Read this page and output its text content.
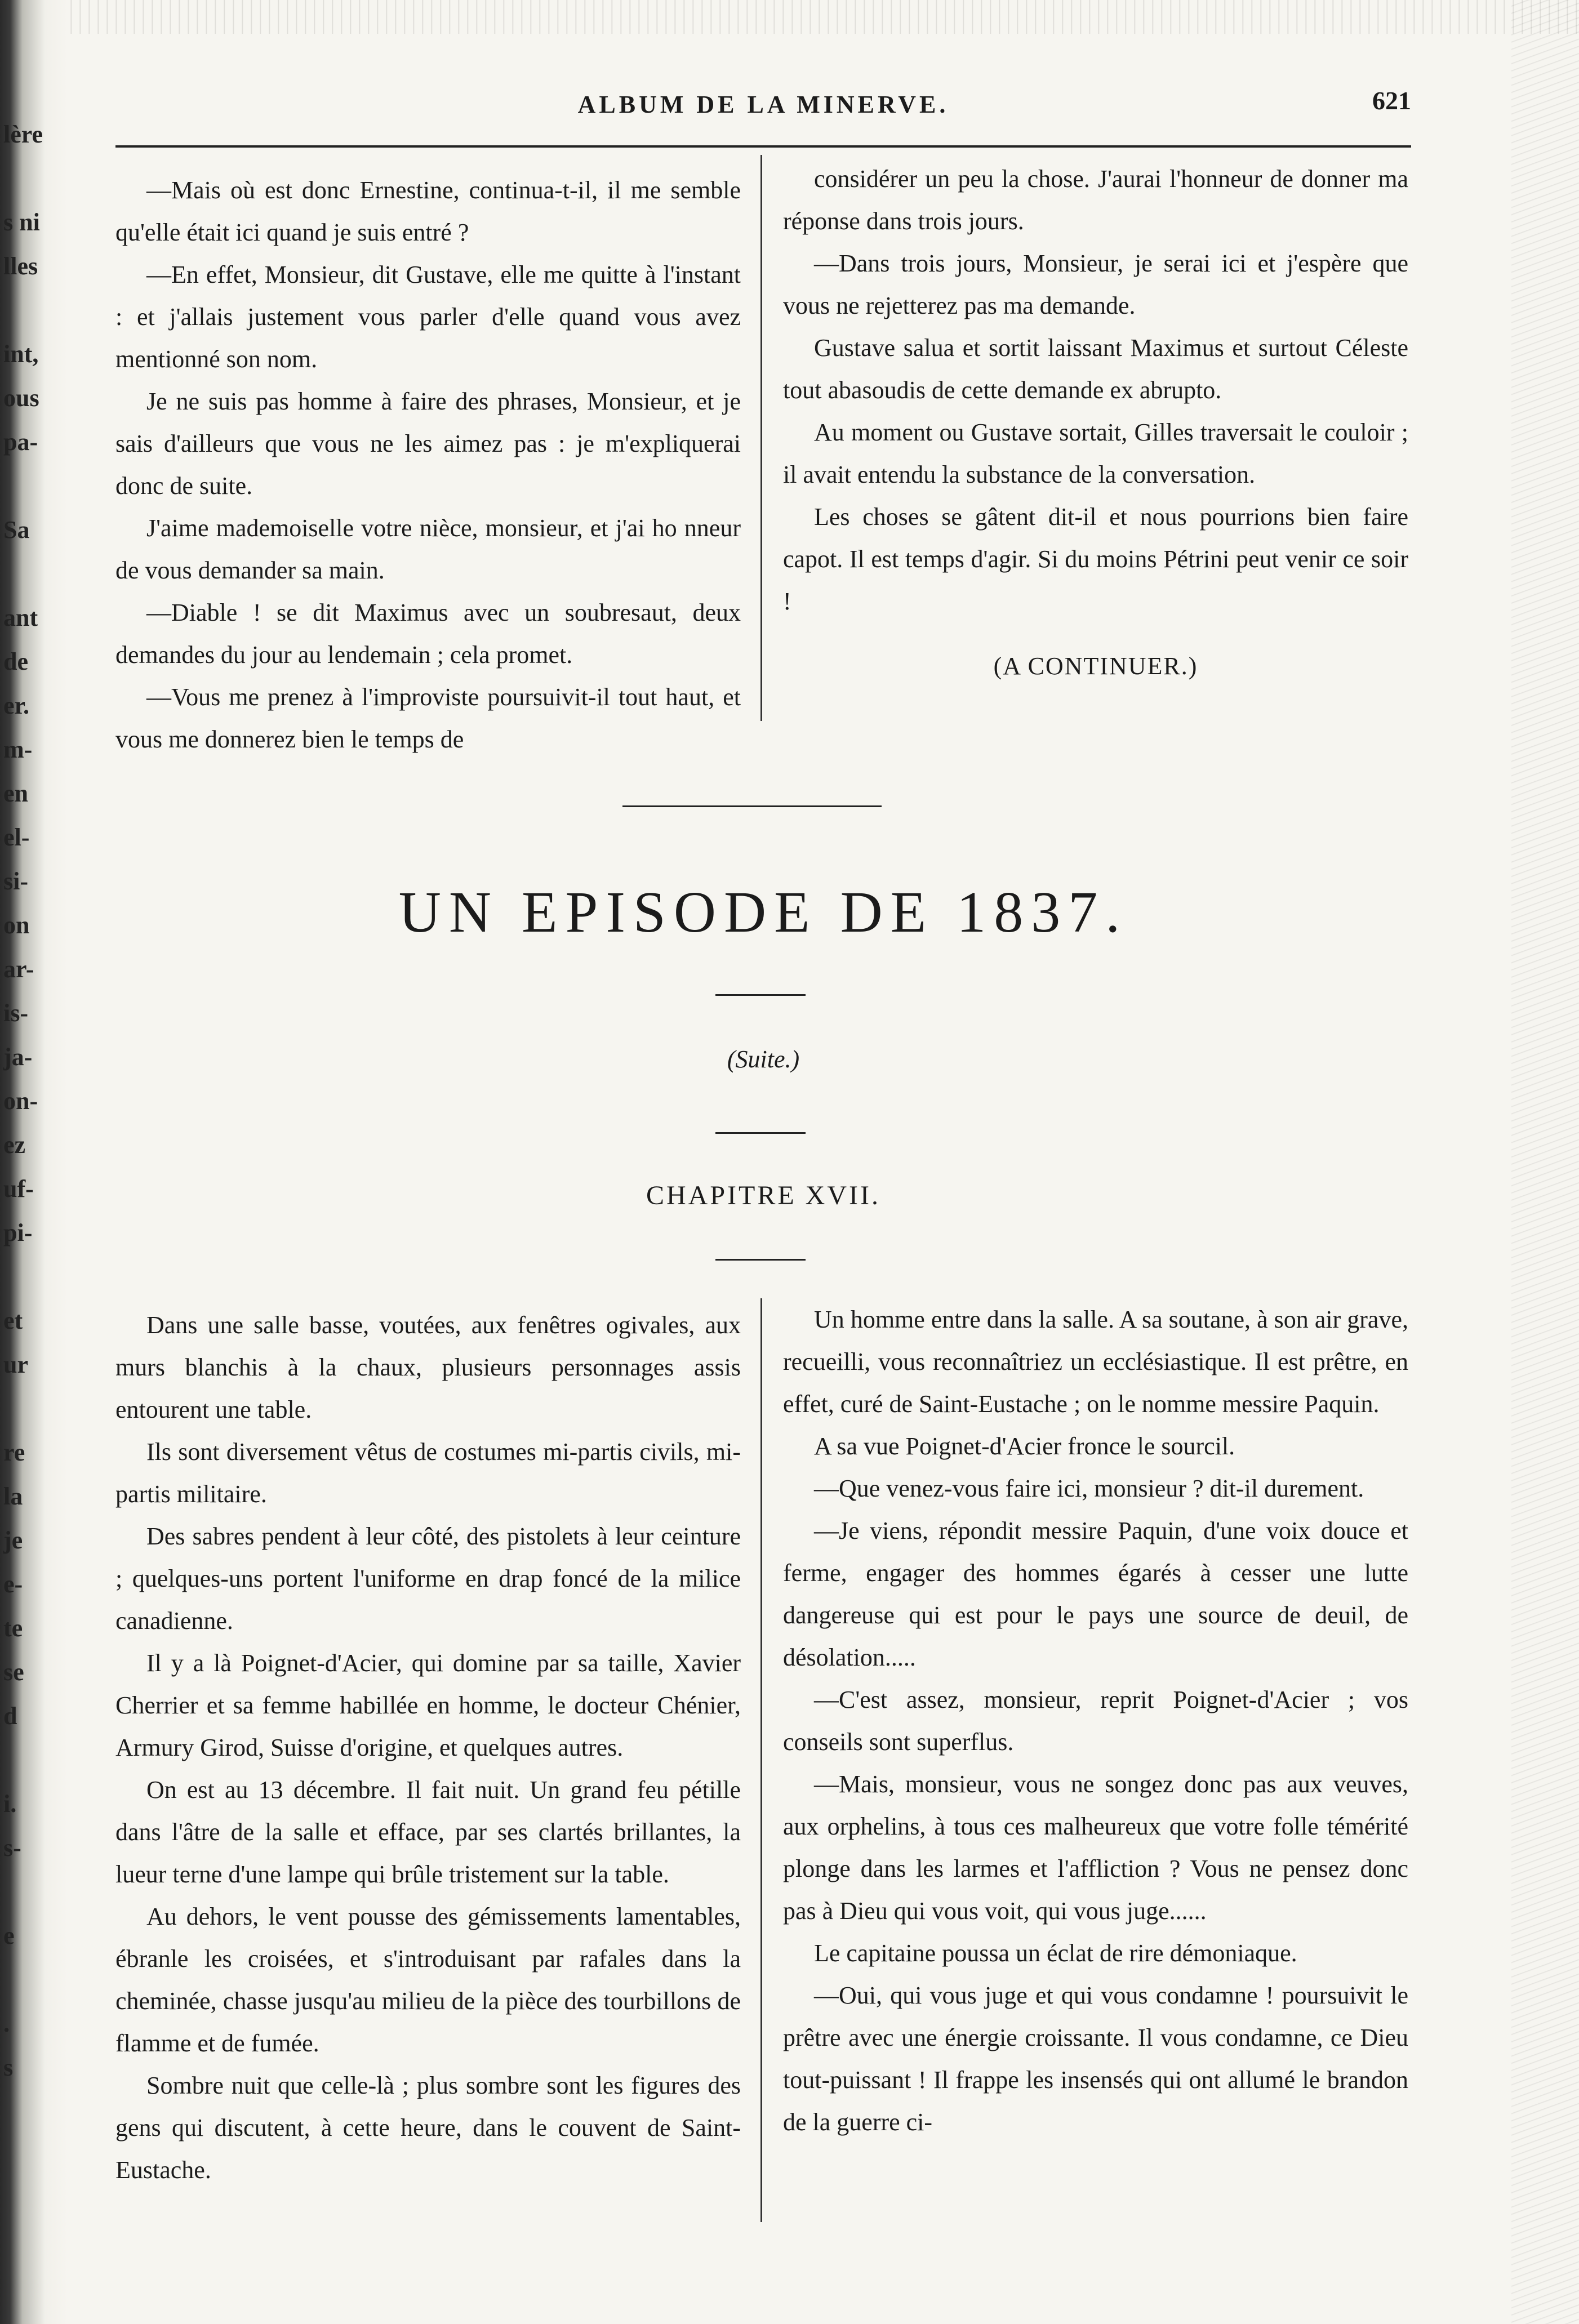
lère
s ni
lles
int,
ous
pa-
Sa
ant
de
er.
m-
en
el-
si-
on
ar-
is-
ja-
on-
ez
uf-
pi-
et
ur
re
la
je
e-
te
se
d
i.
s-
e
.
s
ALBUM DE LA MINERVE.	621

—Mais où est donc Ernestine, continua-t-il, il me semble qu'elle était ici quand je suis entré ?

—En effet, Monsieur, dit Gustave, elle me quitte à l'instant : et j'allais justement vous parler d'elle quand vous avez mentionné son nom.

Je ne suis pas homme à faire des phrases, Monsieur, et je sais d'ailleurs que vous ne les aimez pas : je m'expliquerai donc de suite.

J'aime mademoiselle votre nièce, monsieur, et j'ai ho nneur de vous demander sa main.

—Diable ! se dit Maximus avec un soubresaut, deux demandes du jour au lendemain ; cela promet.

—Vous me prenez à l'improviste poursuivit-il tout haut, et vous me donnerez bien le temps de

considérer un peu la chose. J'aurai l'honneur de donner ma réponse dans trois jours.

—Dans trois jours, Monsieur, je serai ici et j'espère que vous ne rejetterez pas ma demande.

Gustave salua et sortit laissant Maximus et surtout Céleste tout abasoudis de cette demande ex abrupto.

Au moment ou Gustave sortait, Gilles traversait le couloir ; il avait entendu la substance de la conversation.

Les choses se gâtent dit-il et nous pourrions bien faire capot. Il est temps d'agir. Si du moins Pétrini peut venir ce soir !

(A CONTINUER.)

UN EPISODE DE 1837.
(Suite.)
CHAPITRE XVII.

Dans une salle basse, voutées, aux fenêtres ogivales, aux murs blanchis à la chaux, plusieurs personnages assis entourent une table.

Ils sont diversement vêtus de costumes mi-partis civils, mi-partis militaire.

Des sabres pendent à leur côté, des pistolets à leur ceinture ; quelques-uns portent l'uniforme en drap foncé de la milice canadienne.

Il y a là Poignet-d'Acier, qui domine par sa taille, Xavier Cherrier et sa femme habillée en homme, le docteur Chénier, Armury Girod, Suisse d'origine, et quelques autres.

On est au 13 décembre. Il fait nuit. Un grand feu pétille dans l'âtre de la salle et efface, par ses clartés brillantes, la lueur terne d'une lampe qui brûle tristement sur la table.

Au dehors, le vent pousse des gémissements lamentables, ébranle les croisées, et s'introduisant par rafales dans la cheminée, chasse jusqu'au milieu de la pièce des tourbillons de flamme et de fumée.

Sombre nuit que celle-là ; plus sombre sont les figures des gens qui discutent, à cette heure, dans le couvent de Saint-Eustache.

Un homme entre dans la salle. A sa soutane, à son air grave, recueilli, vous reconnaîtriez un ecclésiastique. Il est prêtre, en effet, curé de Saint-Eustache ; on le nomme messire Paquin.

A sa vue Poignet-d'Acier fronce le sourcil.

—Que venez-vous faire ici, monsieur ? dit-il durement.

—Je viens, répondit messire Paquin, d'une voix douce et ferme, engager des hommes égarés à cesser une lutte dangereuse qui est pour le pays une source de deuil, de désolation.....

—C'est assez, monsieur, reprit Poignet-d'Acier ; vos conseils sont superflus.

—Mais, monsieur, vous ne songez donc pas aux veuves, aux orphelins, à tous ces malheureux que votre folle témérité plonge dans les larmes et l'affliction ? Vous ne pensez donc pas à Dieu qui vous voit, qui vous juge......

Le capitaine poussa un éclat de rire démoniaque.

—Oui, qui vous juge et qui vous condamne ! poursuivit le prêtre avec une énergie croissante. Il vous condamne, ce Dieu tout-puissant ! Il frappe les insensés qui ont allumé le brandon de la guerre ci-
